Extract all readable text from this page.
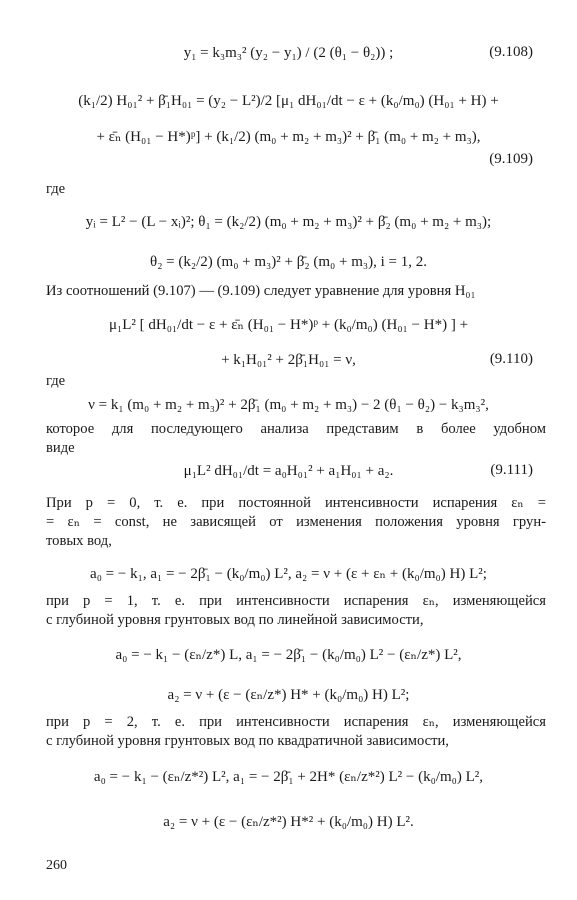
y₁ = k₃m₃² (y₂ − y₁) / (2 (θ₁ − θ₂)) ;	(9.108)
(k₁/2) H₀₁² + β̄₁H₀₁ = (y₂ − L²)/2 [μ₁ dH₀₁/dt − ε + (k₀/m₀) (H₀₁ + H) +
+ ε̄ₙ (H₀₁ − H*)ᵖ] + (k₁/2) (m₀ + m₂ + m₃)² + β̄₁ (m₀ + m₂ + m₃),
(9.109)
где
yᵢ = L² − (L − xᵢ)²; θ₁ = (k₂/2) (m₀ + m₂ + m₃)² + β̄₂ (m₀ + m₂ + m₃);
θ₂ = (k₂/2) (m₀ + m₃)² + β̄₂ (m₀ + m₃), i = 1, 2.
Из соотношений (9.107) — (9.109) следует уравнение для уровня H₀₁
μ₁L² [ dH₀₁/dt − ε + ε̄ₙ (H₀₁ − H*)ᵖ + (k₀/m₀) (H₀₁ − H*) ] +
+ k₁H₀₁² + 2β̄₁H₀₁ = ν,	(9.110)
где
ν = k₁ (m₀ + m₂ + m₃)² + 2β̄₁ (m₀ + m₂ + m₃) − 2 (θ₁ − θ₂) − k₃m₃²,
которое для последующего анализа представим в более удобном
виде
μ₁L² dH₀₁/dt = a₀H₀₁² + a₁H₀₁ + a₂.	(9.111)
При p = 0, т. е. при постоянной интенсивности испарения εₙ =
= εₙ = const, не зависящей от изменения положения уровня грун-
товых вод,
a₀ = − k₁, a₁ = − 2β̄₁ − (k₀/m₀) L², a₂ = ν + (ε + εₙ + (k₀/m₀) H) L²;
при p = 1, т. е. при интенсивности испарения εₙ, изменяющейся
с глубиной уровня грунтовых вод по линейной зависимости,
a₀ = − k₁ − (εₙ/z*) L, a₁ = − 2β̄₁ − (k₀/m₀) L² − (εₙ/z*) L²,
a₂ = ν + (ε − (εₙ/z*) H* + (k₀/m₀) H) L²;
при p = 2, т. е. при интенсивности испарения εₙ, изменяющейся
с глубиной уровня грунтовых вод по квадратичной зависимости,
a₀ = − k₁ − (εₙ/z*²) L², a₁ = − 2β̄₁ + 2H* (εₙ/z*²) L² − (k₀/m₀) L²,
a₂ = ν + (ε − (εₙ/z*²) H*² + (k₀/m₀) H) L².
260
